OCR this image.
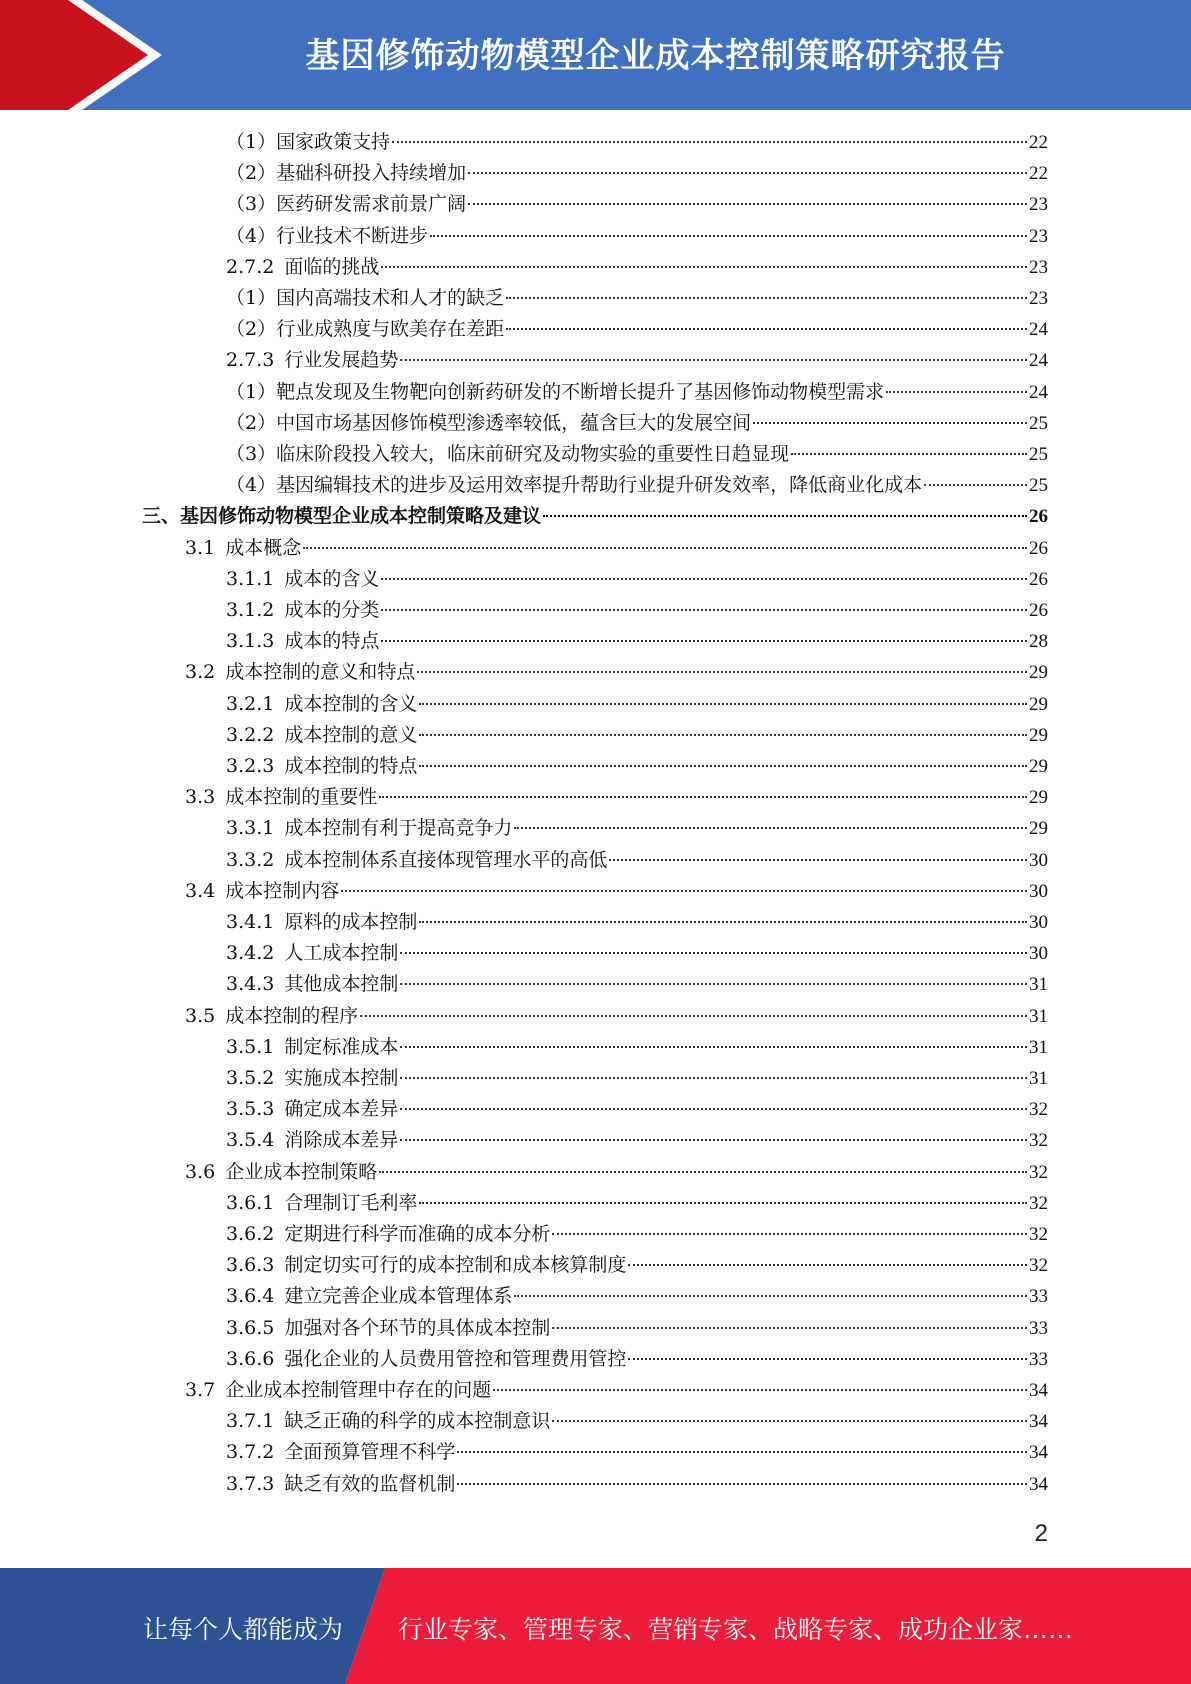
基因修饰动物模型企业成本控制策略研究报告
（1） 国家政策支持	22
（2） 基础科研投入持续增加	22
（3） 医药研发需求前景广阔	23
（4） 行业技术不断进步	23
2.7.2 面临的挑战	23
（1） 国内高端技术和人才的缺乏	23
（2） 行业成熟度与欧美存在差距	24
2.7.3 行业发展趋势	24
（1） 靶点发现及生物靶向创新药研发的不断增长提升了基因修饰动物模型需求	24
（2） 中国市场基因修饰模型渗透率较低，蕴含巨大的发展空间	25
（3） 临床阶段投入较大，临床前研究及动物实验的重要性日趋显现	25
（4） 基因编辑技术的进步及运用效率提升帮助行业提升研发效率，降低商业化成本	25
三、 基因修饰动物模型企业成本控制策略及建议	26
3.1 成本概念	26
3.1.1 成本的含义	26
3.1.2 成本的分类	26
3.1.3 成本的特点	28
3.2 成本控制的意义和特点	29
3.2.1 成本控制的含义	29
3.2.2 成本控制的意义	29
3.2.3 成本控制的特点	29
3.3 成本控制的重要性	29
3.3.1 成本控制有利于提高竞争力	29
3.3.2 成本控制体系直接体现管理水平的高低	30
3.4 成本控制内容	30
3.4.1 原料的成本控制	30
3.4.2 人工成本控制	30
3.4.3 其他成本控制	31
3.5 成本控制的程序	31
3.5.1 制定标准成本	31
3.5.2 实施成本控制	31
3.5.3 确定成本差异	32
3.5.4 消除成本差异	32
3.6 企业成本控制策略	32
3.6.1 合理制订毛利率	32
3.6.2 定期进行科学而准确的成本分析	32
3.6.3 制定切实可行的成本控制和成本核算制度	32
3.6.4 建立完善企业成本管理体系	33
3.6.5 加强对各个环节的具体成本控制	33
3.6.6 强化企业的人员费用管控和管理费用管控	33
3.7 企业成本控制管理中存在的问题	34
3.7.1 缺乏正确的科学的成本控制意识	34
3.7.2 全面预算管理不科学	34
3.7.3 缺乏有效的监督机制	34
2
让每个人都能成为 行业专家、管理专家、营销专家、战略专家、成功企业家……
